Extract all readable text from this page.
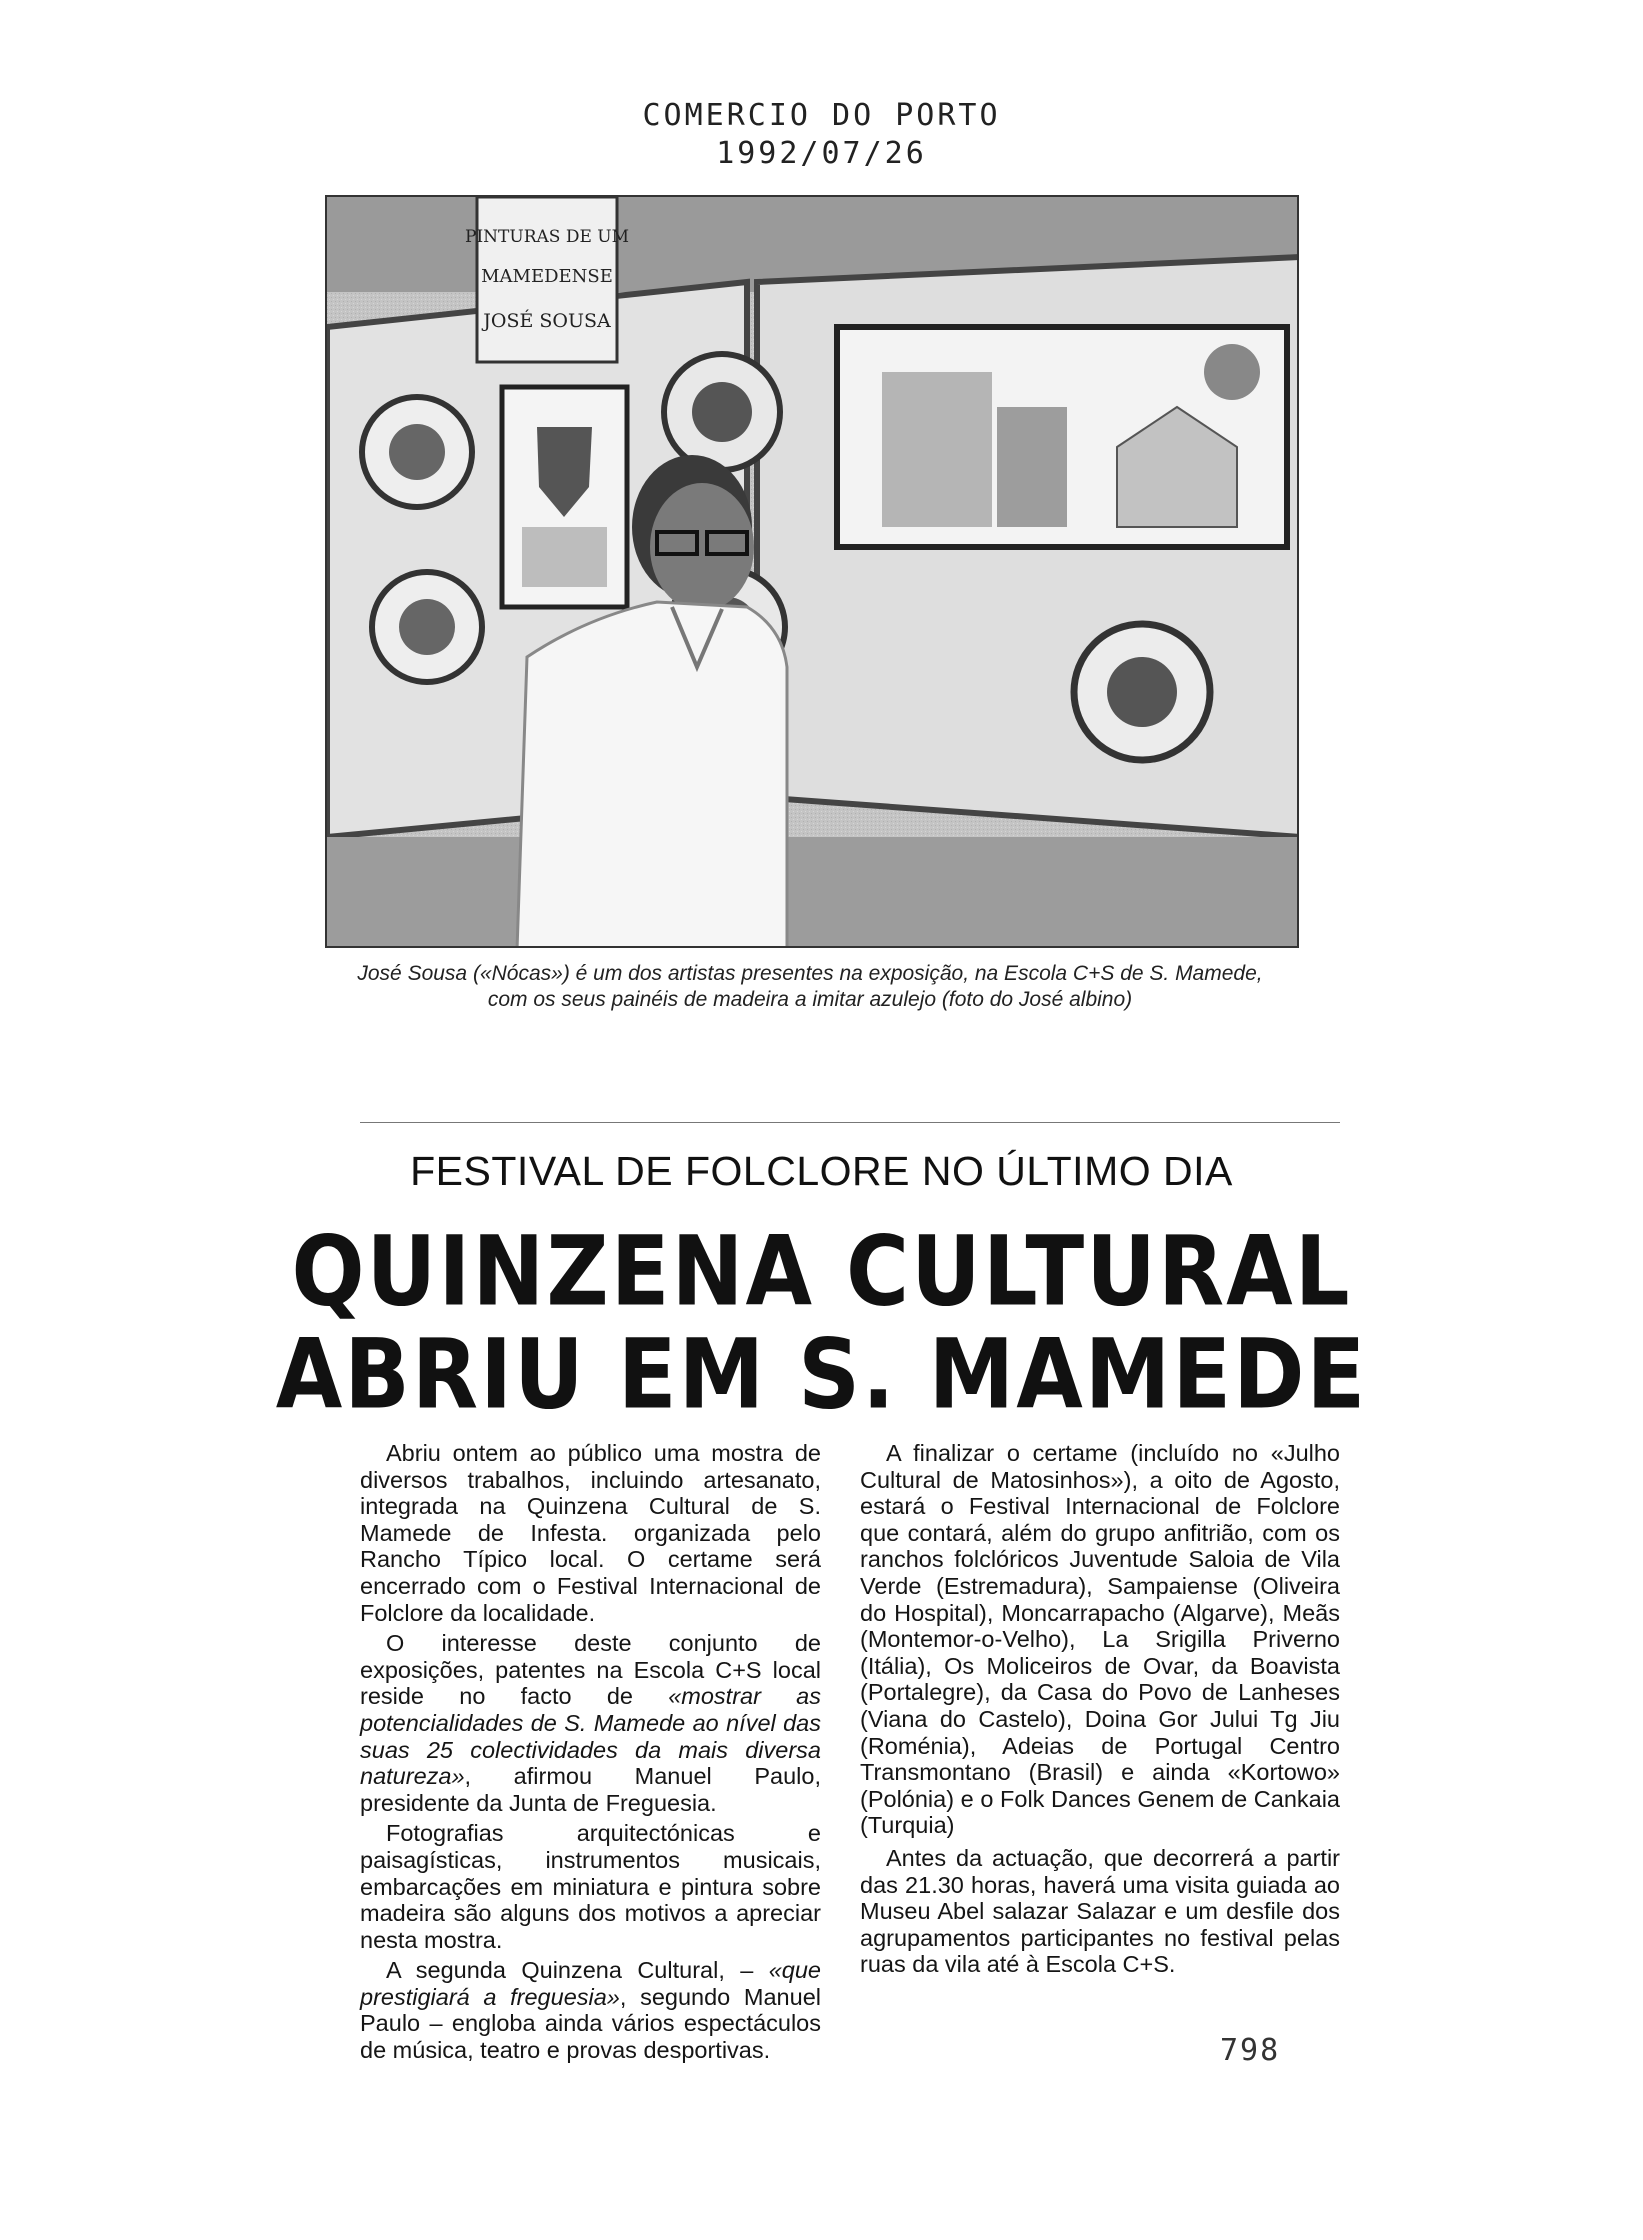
COMERCIO DO PORTO
1992/07/26
PINTURAS DE UM
MAMEDENSE
JOSÉ SOUSA
José Sousa («Nócas») é um dos artistas presentes na exposição, na Escola C+S de S. Mamede,
com os seus painéis de madeira a imitar azulejo (foto do José albino)
FESTIVAL DE FOLCLORE NO ÚLTIMO DIA
QUINZENA CULTURAL
ABRIU EM S. MAMEDE

Abriu ontem ao público uma mostra de diversos trabalhos, incluindo artesanato, integrada na Quinzena Cultural de S. Mamede de Infesta. organizada pelo Rancho Típico local. O certame será encerrado com o Festival Internacional de Folclore da localidade.

O interesse deste conjunto de exposições, patentes na Escola C+S local reside no facto de «mostrar as potencialidades de S. Mamede ao nível das suas 25 colectividades da mais diversa natureza», afirmou Manuel Paulo, presidente da Junta de Freguesia.

Fotografias arquitectónicas e paisagísticas, instrumentos musicais, embarcações em miniatura e pintura sobre madeira são alguns dos motivos a apreciar nesta mostra.

A segunda Quinzena Cultural, – «que prestigiará a freguesia», segundo Manuel Paulo – engloba ainda vários espectáculos de música, teatro e provas desportivas.

A finalizar o certame (incluído no «Julho Cultural de Matosinhos»), a oito de Agosto, estará o Festival Internacional de Folclore que contará, além do grupo anfitrião, com os ranchos folclóricos Juventude Saloia de Vila Verde (Estremadura), Sampaiense (Oliveira do Hospital), Moncarrapacho (Algarve), Meãs (Montemor-o-Velho), La Srigilla Priverno (Itália), Os Moliceiros de Ovar, da Boavista (Portalegre), da Casa do Povo de Lanheses (Viana do Castelo), Doina Gor Jului Tg Jiu (Roménia), Adeias de Portugal Centro Transmontano (Brasil) e ainda «Kortowo» (Polónia) e o Folk Dances Genem de Cankaia (Turquia)

Antes da actuação, que decorrerá a partir das 21.30 horas, haverá uma visita guiada ao Museu Abel salazar Salazar e um desfile dos agrupamentos participantes no festival pelas ruas da vila até à Escola C+S.

798
